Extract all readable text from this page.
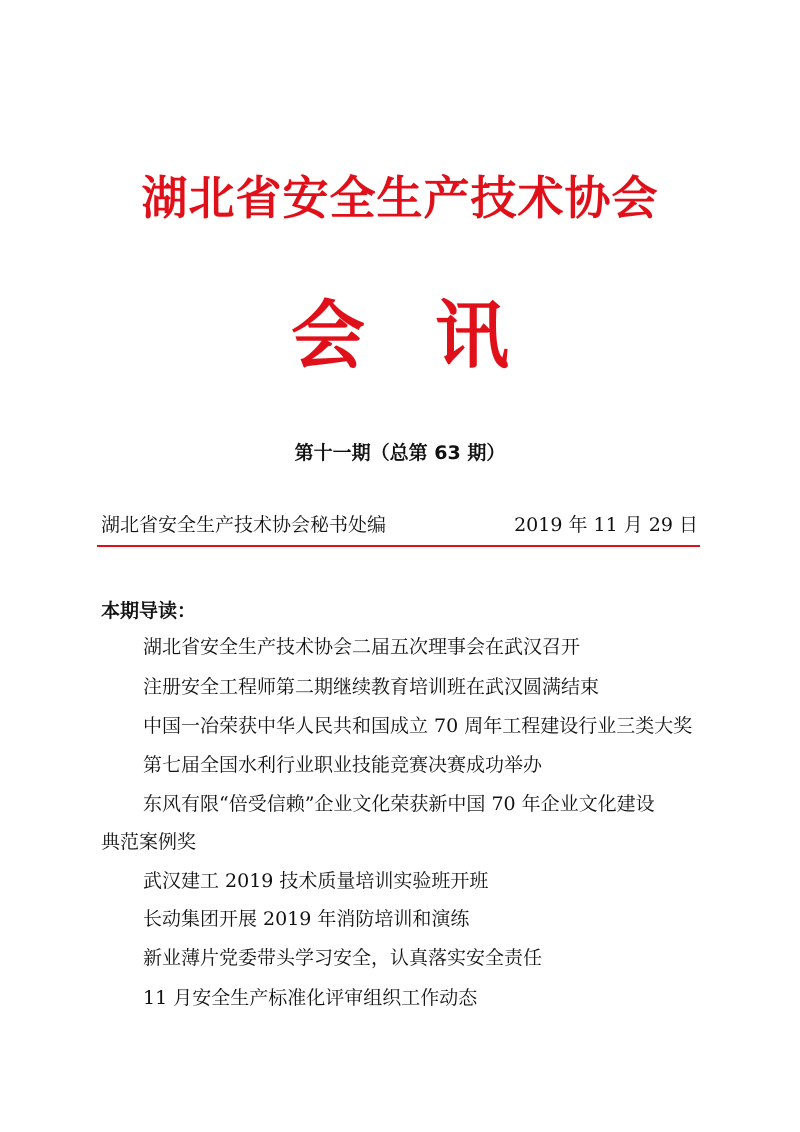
湖北省安全生产技术协会
会讯
第十一期（总第 63 期）
湖北省安全生产技术协会秘书处编	2019 年 11 月 29 日
本期导读：
湖北省安全生产技术协会二届五次理事会在武汉召开
注册安全工程师第二期继续教育培训班在武汉圆满结束
中国一冶荣获中华人民共和国成立 70 周年工程建设行业三类大奖
第七届全国水利行业职业技能竞赛决赛成功举办
东风有限“倍受信赖”企业文化荣获新中国 70 年企业文化建设
典范案例奖
武汉建工 2019 技术质量培训实验班开班
长动集团开展 2019 年消防培训和演练
新业薄片党委带头学习安全，认真落实安全责任
11 月安全生产标准化评审组织工作动态
